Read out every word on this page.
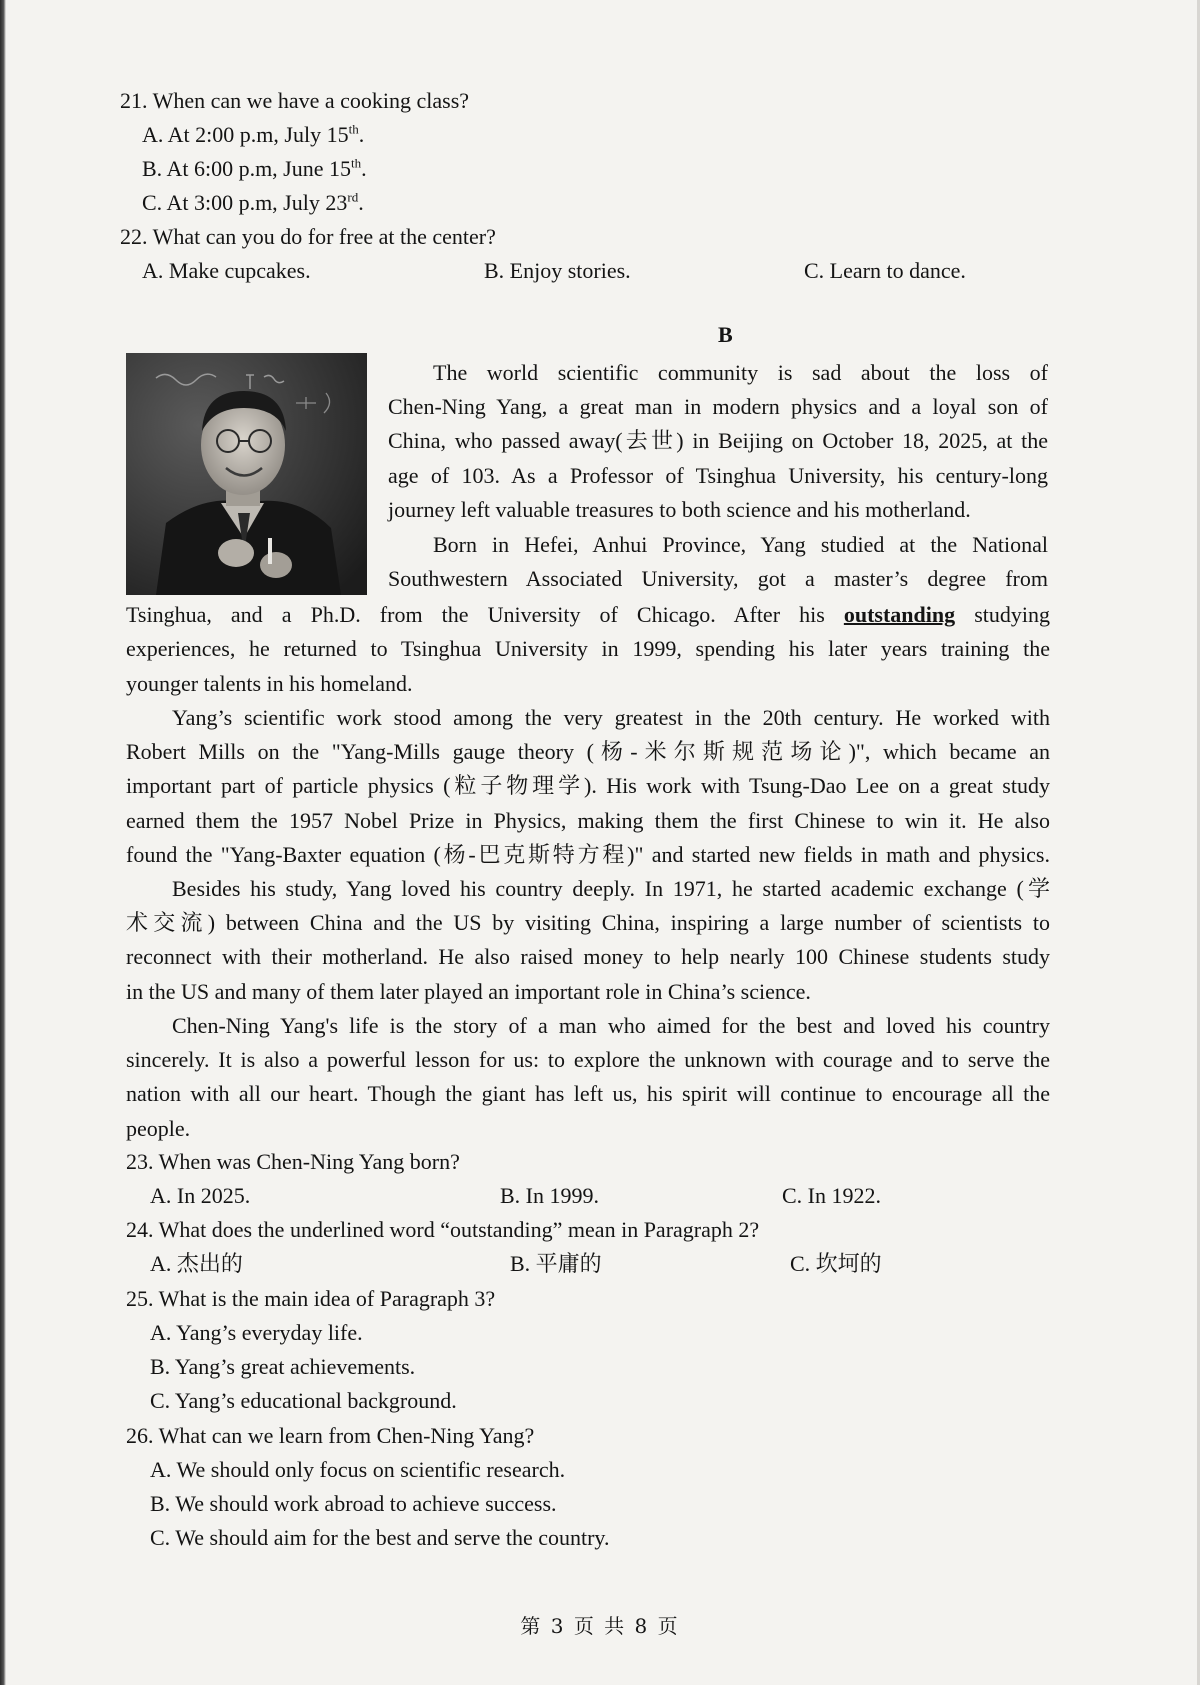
21. When can we have a cooking class?
A. At 2:00 p.m, July 15th.
B. At 6:00 p.m, June 15th.
C. At 3:00 p.m, July 23rd.
22. What can you do for free at the center?
A. Make cupcakes.	B. Enjoy stories.	C. Learn to dance.
B
The world scientific community is sad about the loss of
Chen-Ning Yang, a great man in modern physics and a loyal son of
China, who passed away(去世) in Beijing on October 18, 2025, at the
age of 103. As a Professor of Tsinghua University, his century-long
journey left valuable treasures to both science and his motherland.
Born in Hefei, Anhui Province, Yang studied at the National
Southwestern Associated University, got a master’s degree from
Tsinghua, and a Ph.D. from the University of Chicago. After his outstanding studying
experiences, he returned to Tsinghua University in 1999, spending his later years training the
younger talents in his homeland.
Yang’s scientific work stood among the very greatest in the 20th century. He worked with
Robert Mills on the "Yang-Mills gauge theory (杨-米尔斯规范场论)", which became an
important part of particle physics (粒子物理学). His work with Tsung-Dao Lee on a great study
earned them the 1957 Nobel Prize in Physics, making them the first Chinese to win it. He also
found the "Yang-Baxter equation (杨-巴克斯特方程)" and started new fields in math and physics.
Besides his study, Yang loved his country deeply. In 1971, he started academic exchange (学
术交流) between China and the US by visiting China, inspiring a large number of scientists to
reconnect with their motherland. He also raised money to help nearly 100 Chinese students study
in the US and many of them later played an important role in China’s science.
Chen-Ning Yang's life is the story of a man who aimed for the best and loved his country
sincerely. It is also a powerful lesson for us: to explore the unknown with courage and to serve the
nation with all our heart. Though the giant has left us, his spirit will continue to encourage all the
people.
23. When was Chen-Ning Yang born?
A. In 2025.	B. In 1999.	C. In 1922.
24. What does the underlined word “outstanding” mean in Paragraph 2?
A. 杰出的	B. 平庸的	C. 坎坷的
25. What is the main idea of Paragraph 3?
A. Yang’s everyday life.
B. Yang’s great achievements.
C. Yang’s educational background.
26. What can we learn from Chen-Ning Yang?
A. We should only focus on scientific research.
B. We should work abroad to achieve success.
C. We should aim for the best and serve the country.
第 3 页 共 8 页
